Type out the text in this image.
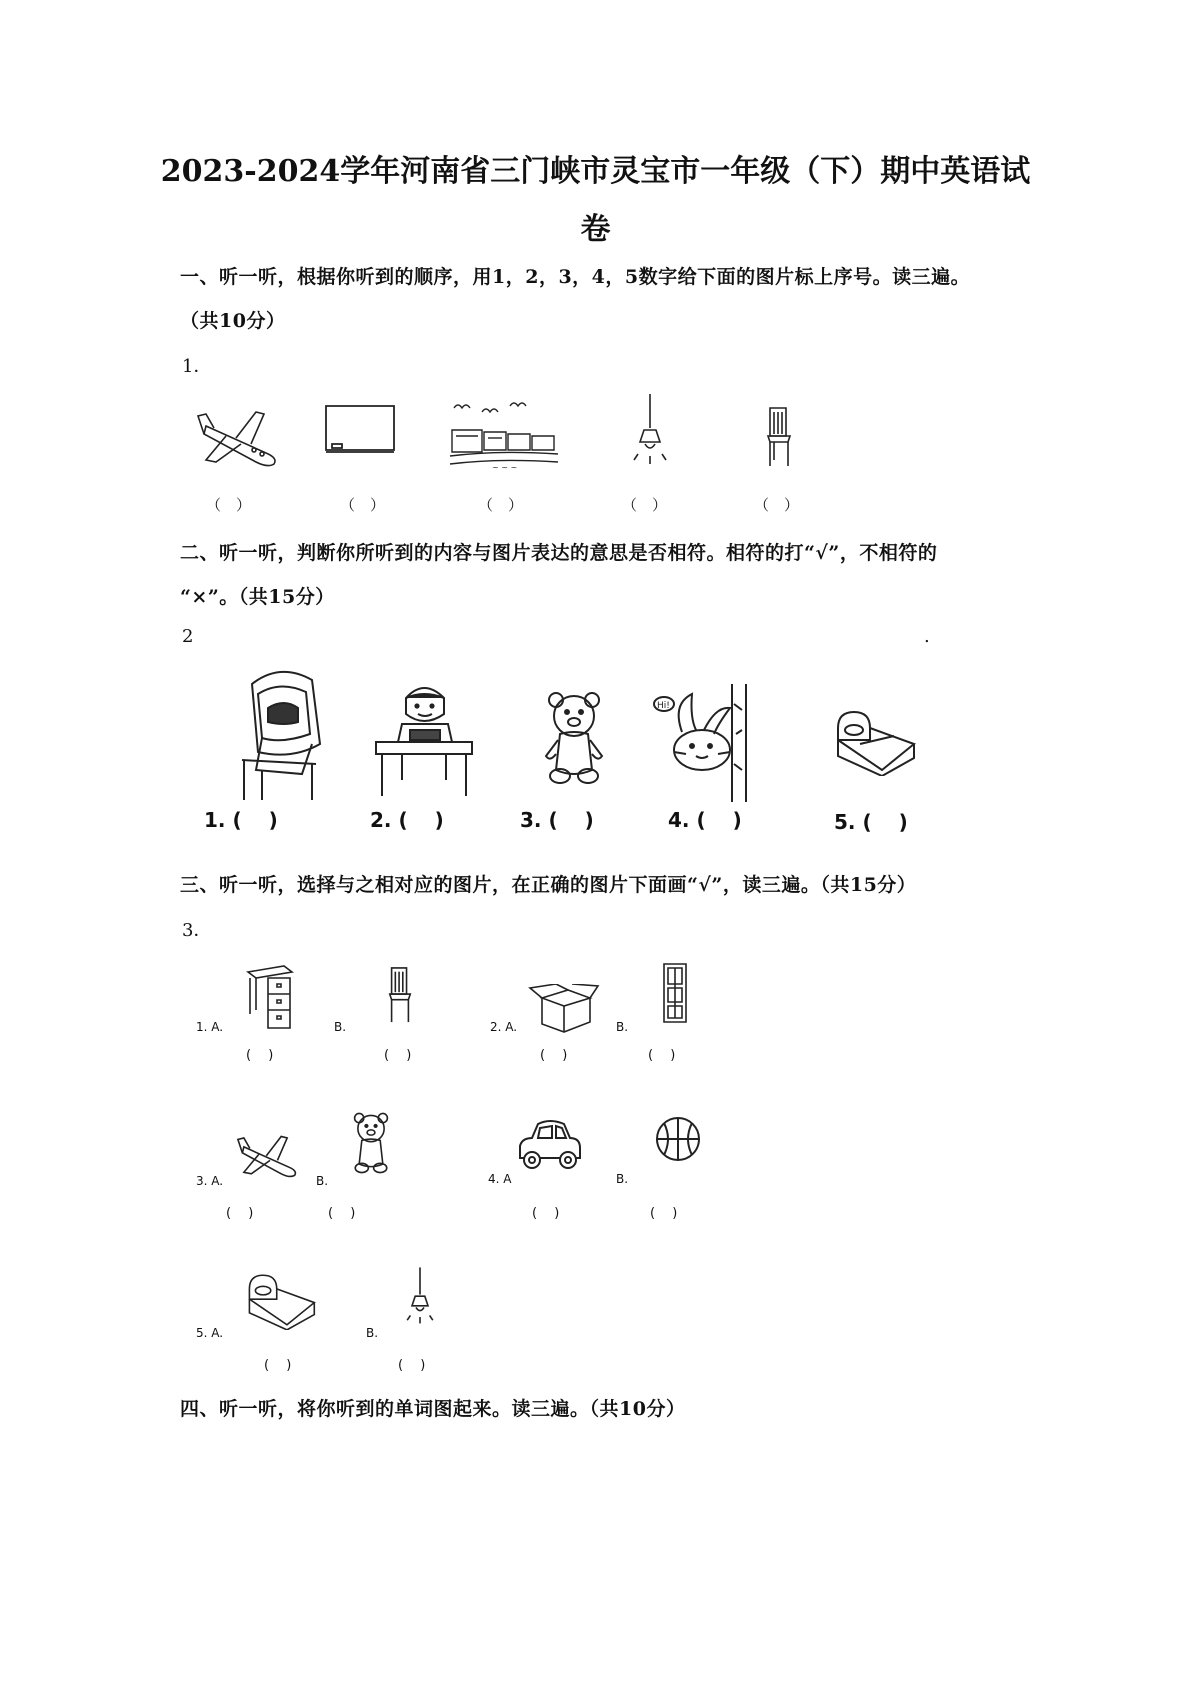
2023-2024学年河南省三门峡市灵宝市一年级（下）期中英语试
卷
一、听一听，根据你听到的顺序，用1，2，3，4，5数字给下面的图片标上序号。读三遍。
（共10分）
1．
~ ~ ~
（　）	（　）	（　）	（　）	（　）
二、听一听，判断你所听到的内容与图片表达的意思是否相符。相符的打“√”，不相符的
“×”。（共15分）
2	.
Hi!
1. (　 )	2. (　 )	3. (　 )	4. (　 )	5. (　 )
三、听一听，选择与之相对应的图片，在正确的图片下面画“√”，读三遍。（共15分）
3．
1. A.	B.	2. A.	B.
(　 )	(　 )	(　 )	(　 )
3. A.	B.	4. A	B.
(　 )	(　 )	(　 )	(　 )
5. A.	B.
(　 )	(　 )
四、听一听，将你听到的单词图起来。读三遍。（共10分）
